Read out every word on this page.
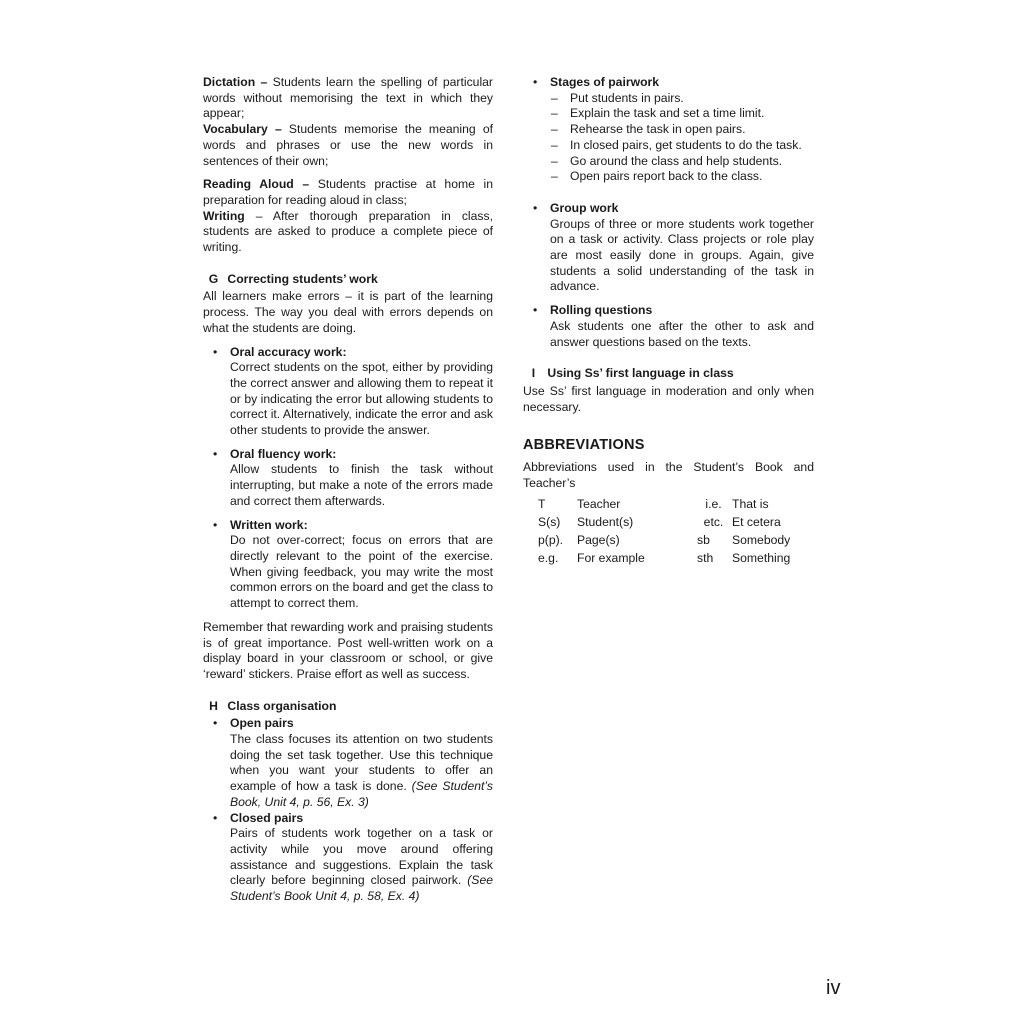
Dictation – Students learn the spelling of particular words without memorising the text in which they appear;

Vocabulary – Students memorise the meaning of words and phrases or use the new words in sentences of their own;

Reading Aloud – Students practise at home in preparation for reading aloud in class;

Writing – After thorough preparation in class, students are asked to produce a complete piece of writing.

G Correcting students’ work

All learners make errors – it is part of the learning process. The way you deal with errors depends on what the students are doing.

• Oral accuracy work:

Correct students on the spot, either by providing the correct answer and allowing them to repeat it or by indicating the error but allowing students to correct it. Alternatively, indicate the error and ask other students to provide the answer.

• Oral fluency work:

Allow students to finish the task without interrupting, but make a note of the errors made and correct them afterwards.

• Written work:

Do not over-correct; focus on errors that are directly relevant to the point of the exercise. When giving feedback, you may write the most common errors on the board and get the class to attempt to correct them.

Remember that rewarding work and praising students is of great importance. Post well-written work on a display board in your classroom or school, or give ‘reward’ stickers. Praise effort as well as success.

H Class organisation
• Open pairs

The class focuses its attention on two students doing the set task together. Use this technique when you want your students to offer an example of how a task is done. (See Student’s Book, Unit 4, p. 56, Ex. 3)

• Closed pairs

Pairs of students work together on a task or activity while you move around offering assistance and suggestions. Explain the task clearly before beginning closed pairwork. (See Student’s Book Unit 4, p. 58, Ex. 4)

• Stages of pairwork
– Put students in pairs.
– Explain the task and set a time limit.
– Rehearse the task in open pairs.
– In closed pairs, get students to do the task.
– Go around the class and help students.
– Open pairs report back to the class.
• Group work

Groups of three or more students work together on a task or activity. Class projects or role play are most easily done in groups. Again, give students a solid understanding of the task in advance.

• Rolling questions

Ask students one after the other to ask and answer questions based on the texts.

I Using Ss’ first language in class

Use Ss’ first language in moderation and only when necessary.

ABBREVIATIONS

Abbreviations used in the Student’s Book and Teacher’s

T	Teacher	i.e.	That is
S(s)	Student(s)	etc.	Et cetera
p(p).	Page(s)	sb	Somebody
e.g.	For example	sth	Something
iv
